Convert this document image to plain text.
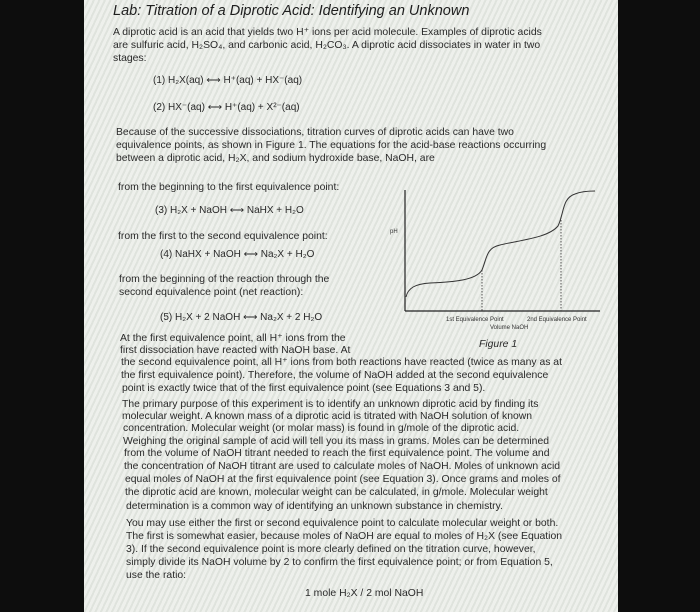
Lab: Titration of a Diprotic Acid: Identifying an Unknown
A diprotic acid is an acid that yields two H⁺ ions per acid molecule. Examples of diprotic acids
are sulfuric acid, H₂SO₄, and carbonic acid, H₂CO₃. A diprotic acid dissociates in water in two
stages:
(1) H₂X(aq) ⟷ H⁺(aq) + HX⁻(aq)
(2) HX⁻(aq) ⟷ H⁺(aq) + X²⁻(aq)
Because of the successive dissociations, titration curves of diprotic acids can have two
equivalence points, as shown in Figure 1. The equations for the acid-base reactions occurring
between a diprotic acid, H₂X, and sodium hydroxide base, NaOH, are
from the beginning to the first equivalence point:
(3) H₂X + NaOH ⟷ NaHX + H₂O
from the first to the second equivalence point:
(4) NaHX + NaOH ⟷ Na₂X + H₂O
from the beginning of the reaction through the
second equivalence point (net reaction):
(5) H₂X + 2 NaOH ⟷ Na₂X + 2 H₂O
At the first equivalence point, all H⁺ ions from the
first dissociation have reacted with NaOH base. At
the second equivalence point, all H⁺ ions from both reactions have reacted (twice as many as at
the first equivalence point). Therefore, the volume of NaOH added at the second equivalence
point is exactly twice that of the first equivalence point (see Equations 3 and 5).
pH
1st Equivalence Point	2nd Equivalence Point
Volume NaOH
Figure 1
The primary purpose of this experiment is to identify an unknown diprotic acid by finding its
molecular weight. A known mass of a diprotic acid is titrated with NaOH solution of known
concentration. Molecular weight (or molar mass) is found in g/mole of the diprotic acid.
Weighing the original sample of acid will tell you its mass in grams. Moles can be determined
from the volume of NaOH titrant needed to reach the first equivalence point. The volume and
the concentration of NaOH titrant are used to calculate moles of NaOH. Moles of unknown acid
equal moles of NaOH at the first equivalence point (see Equation 3). Once grams and moles of
the diprotic acid are known, molecular weight can be calculated, in g/mole. Molecular weight
determination is a common way of identifying an unknown substance in chemistry.
You may use either the first or second equivalence point to calculate molecular weight or both.
The first is somewhat easier, because moles of NaOH are equal to moles of H₂X (see Equation
3). If the second equivalence point is more clearly defined on the titration curve, however,
simply divide its NaOH volume by 2 to confirm the first equivalence point; or from Equation 5,
use the ratio:
1 mole H₂X / 2 mol NaOH
